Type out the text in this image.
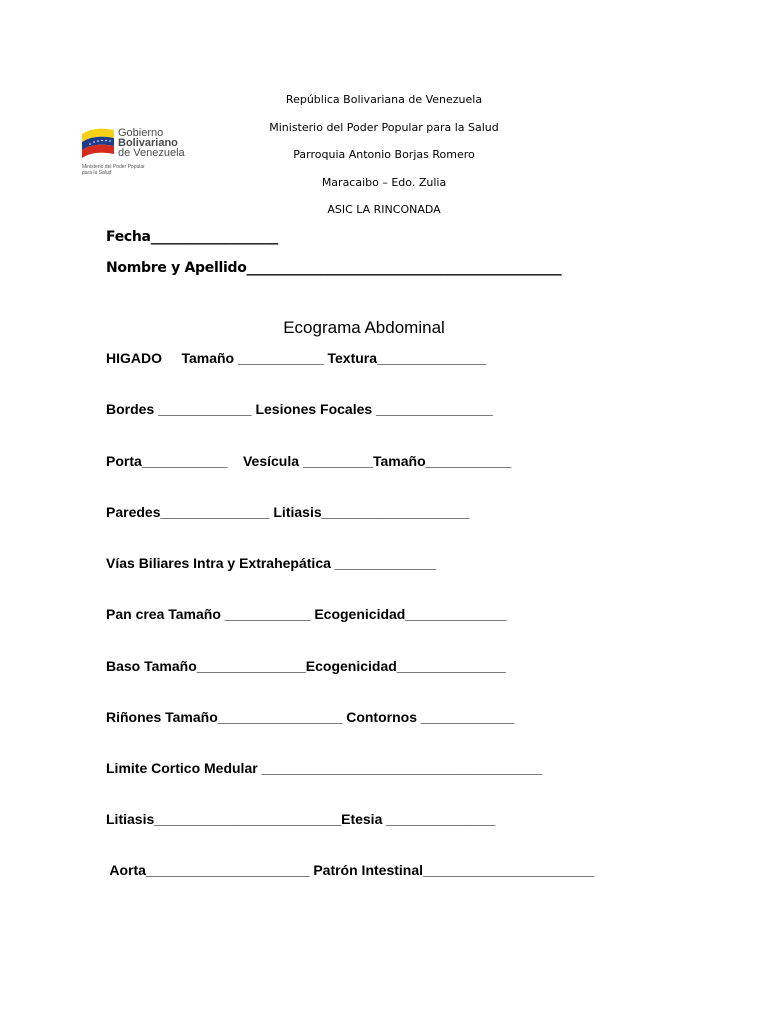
Gobierno
Bolivariano
de Venezuela
Ministerio del Poder Popular
para la Salud
República Bolivariana de Venezuela
Ministerio del Poder Popular para la Salud
Parroquia Antonio Borjas Romero
Maracaibo – Edo. Zulia
ASIC LA RINCONADA
Fecha___________________
Nombre y Apellido_______________________________________________
Ecograma Abdominal
HIGADO     Tamaño ___________ Textura______________
Bordes ____________ Lesiones Focales _______________
Porta___________    Vesícula _________Tamaño___________
Paredes______________ Litiasis___________________
Vías Biliares Intra y Extrahepática _____________
Pan crea Tamaño ___________ Ecogenicidad_____________
Baso Tamaño______________Ecogenicidad______________
Riñones Tamaño________________ Contornos ____________
Limite Cortico Medular ____________________________________
Litiasis________________________Etesia ______________
Aorta_____________________ Patrón Intestinal______________________
